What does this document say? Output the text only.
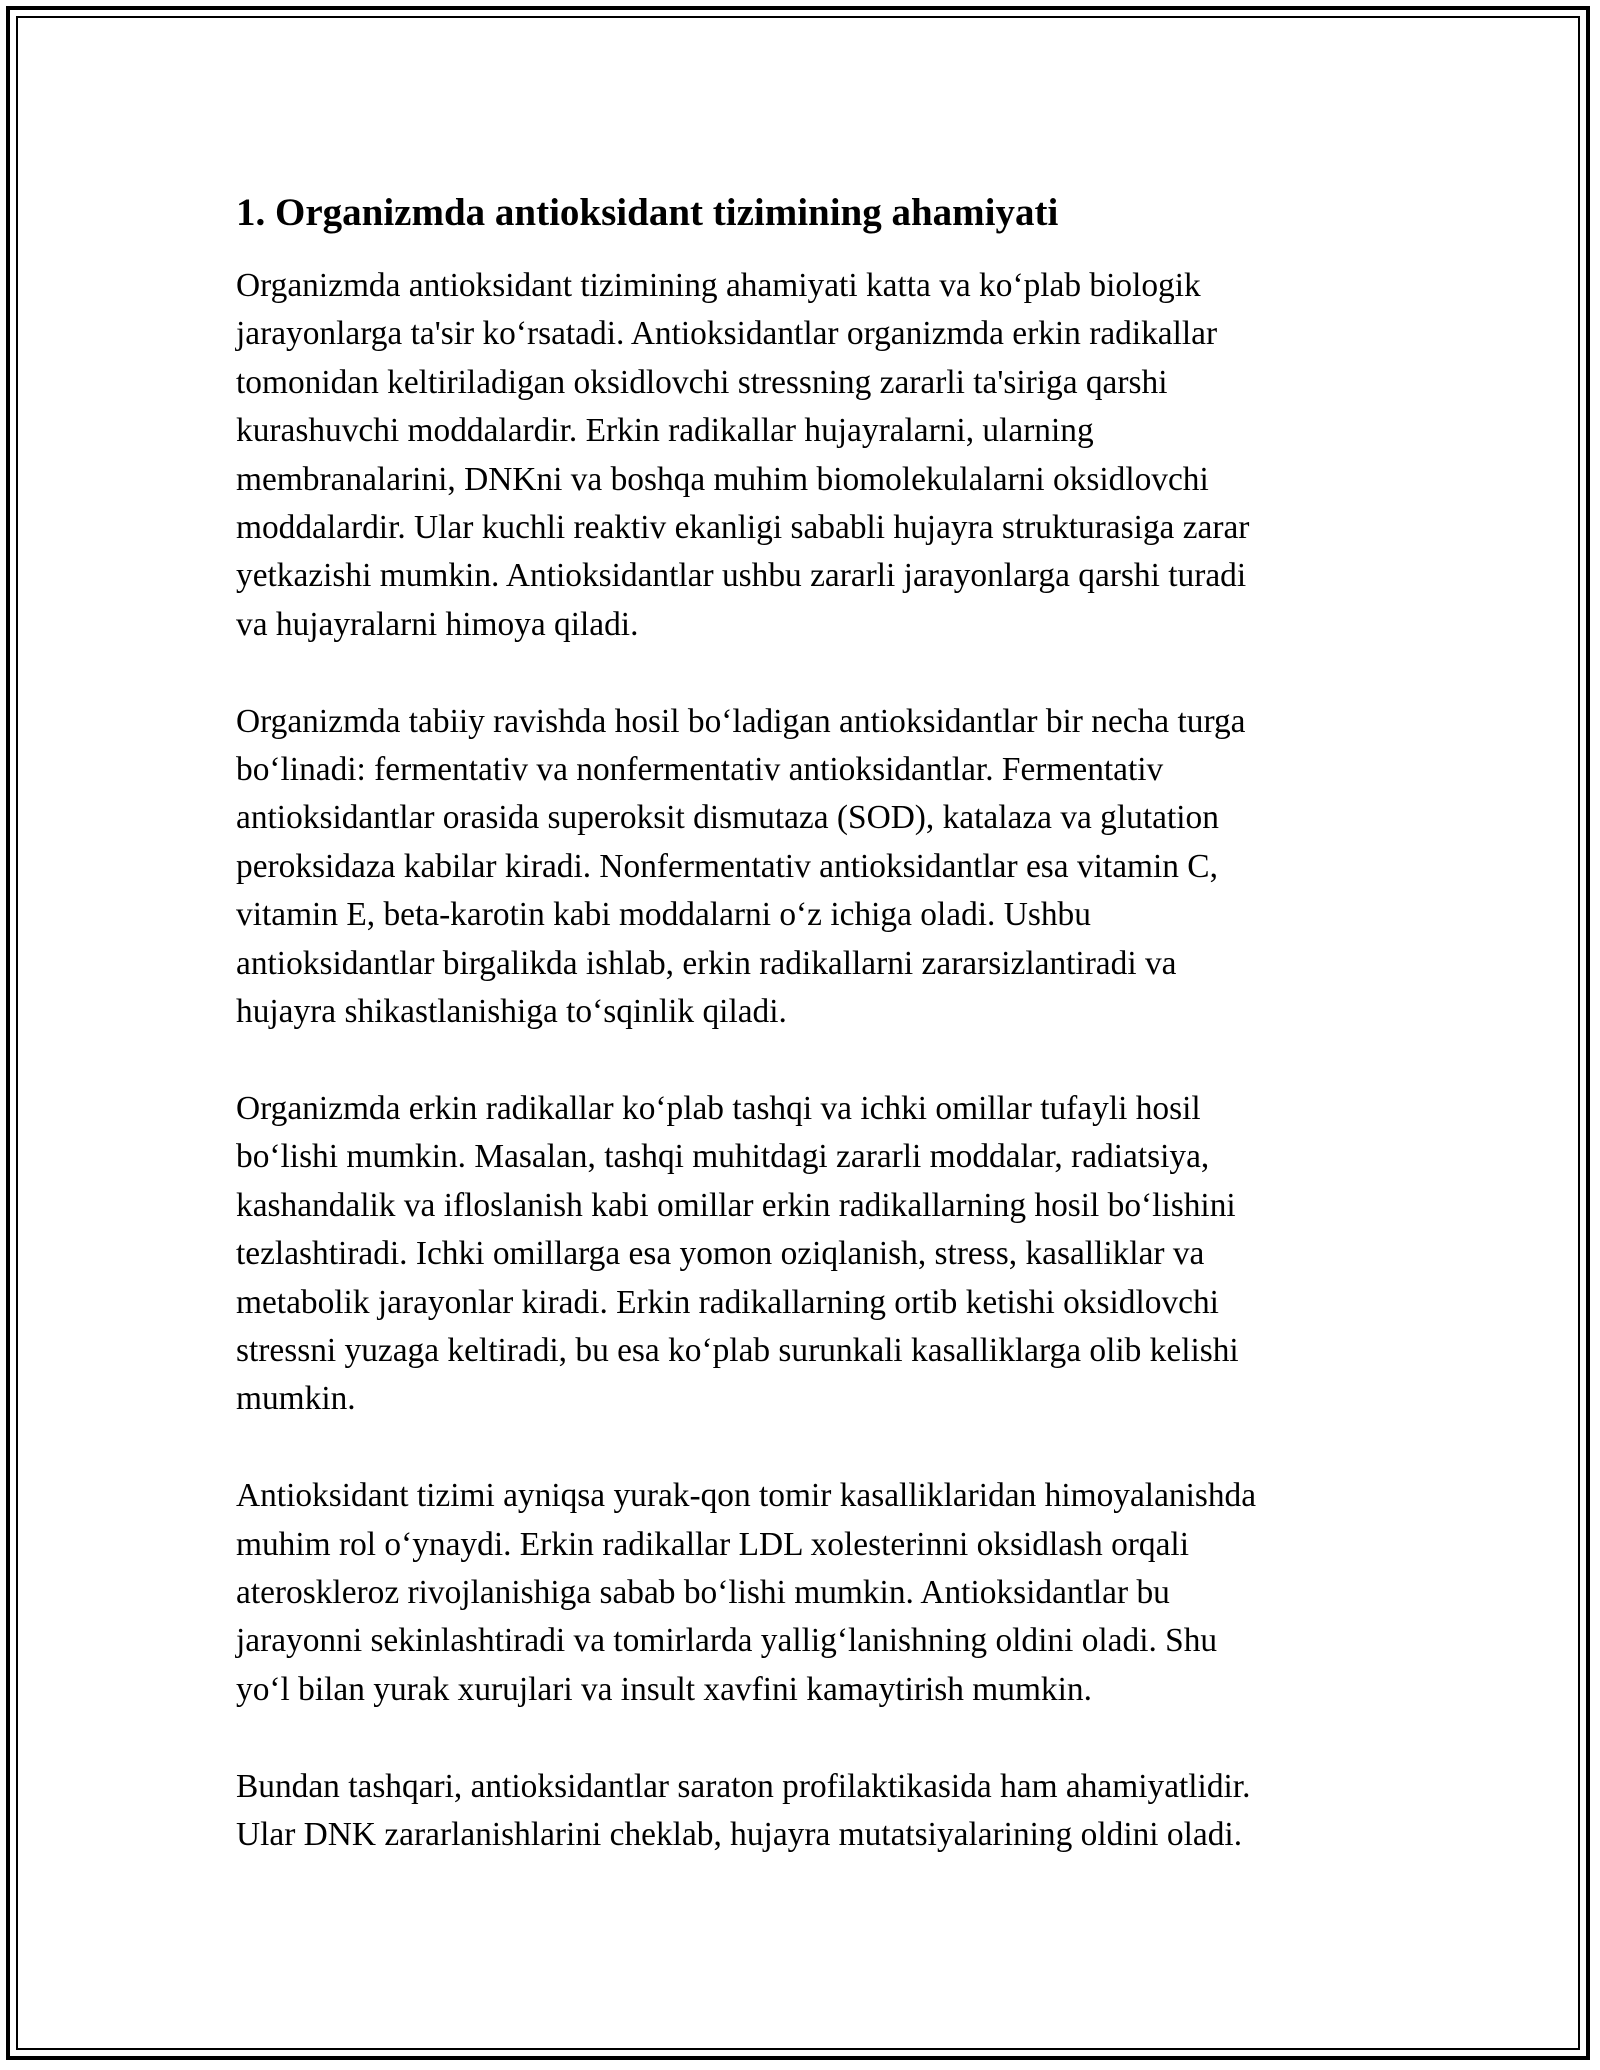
1. Organizmda antioksidant tizimining ahamiyati
Organizmda antioksidant tizimining ahamiyati katta va koʻplab biologik
jarayonlarga ta'sir koʻrsatadi. Antioksidantlar organizmda erkin radikallar
tomonidan keltiriladigan oksidlovchi stressning zararli ta'siriga qarshi
kurashuvchi moddalardir. Erkin radikallar hujayralarni, ularning
membranalarini, DNKni va boshqa muhim biomolekulalarni oksidlovchi
moddalardir. Ular kuchli reaktiv ekanligi sababli hujayra strukturasiga zarar
yetkazishi mumkin. Antioksidantlar ushbu zararli jarayonlarga qarshi turadi
va hujayralarni himoya qiladi.
Organizmda tabiiy ravishda hosil boʻladigan antioksidantlar bir necha turga
boʻlinadi: fermentativ va nonfermentativ antioksidantlar. Fermentativ
antioksidantlar orasida superoksit dismutaza (SOD), katalaza va glutation
peroksidaza kabilar kiradi. Nonfermentativ antioksidantlar esa vitamin C,
vitamin E, beta-karotin kabi moddalarni oʻz ichiga oladi. Ushbu
antioksidantlar birgalikda ishlab, erkin radikallarni zararsizlantiradi va
hujayra shikastlanishiga toʻsqinlik qiladi.
Organizmda erkin radikallar koʻplab tashqi va ichki omillar tufayli hosil
boʻlishi mumkin. Masalan, tashqi muhitdagi zararli moddalar, radiatsiya,
kashandalik va ifloslanish kabi omillar erkin radikallarning hosil boʻlishini
tezlashtiradi. Ichki omillarga esa yomon oziqlanish, stress, kasalliklar va
metabolik jarayonlar kiradi. Erkin radikallarning ortib ketishi oksidlovchi
stressni yuzaga keltiradi, bu esa koʻplab surunkali kasalliklarga olib kelishi
mumkin.
Antioksidant tizimi ayniqsa yurak-qon tomir kasalliklaridan himoyalanishda
muhim rol oʻynaydi. Erkin radikallar LDL xolesterinni oksidlash orqali
ateroskleroz rivojlanishiga sabab boʻlishi mumkin. Antioksidantlar bu
jarayonni sekinlashtiradi va tomirlarda yalligʻlanishning oldini oladi. Shu
yoʻl bilan yurak xurujlari va insult xavfini kamaytirish mumkin.
Bundan tashqari, antioksidantlar saraton profilaktikasida ham ahamiyatlidir.
Ular DNK zararlanishlarini cheklab, hujayra mutatsiyalarining oldini oladi.
